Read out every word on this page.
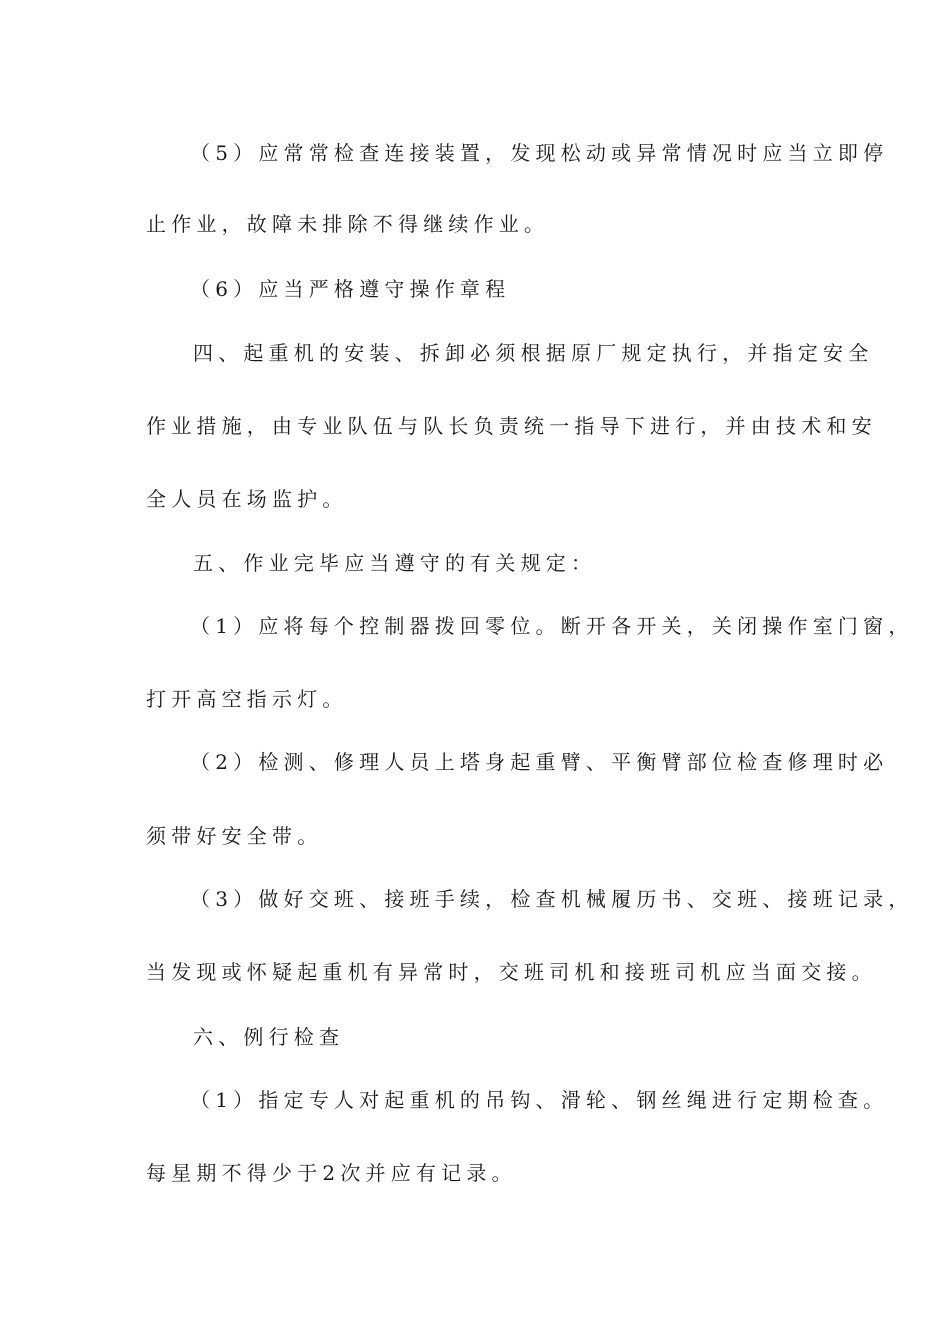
（5）应常常检查连接装置，发现松动或异常情况时应当立即停
止作业，故障未排除不得继续作业。
（6）应当严格遵守操作章程
四、起重机的安装、拆卸必须根据原厂规定执行，并指定安全
作业措施，由专业队伍与队长负责统一指导下进行，并由技术和安
全人员在场监护。
五、作业完毕应当遵守的有关规定：
（1）应将每个控制器拨回零位。断开各开关，关闭操作室门窗，
打开高空指示灯。
（2）检测、修理人员上塔身起重臂、平衡臂部位检查修理时必
须带好安全带。
（3）做好交班、接班手续，检查机械履历书、交班、接班记录，
当发现或怀疑起重机有异常时，交班司机和接班司机应当面交接。
六、例行检查
（1）指定专人对起重机的吊钩、滑轮、钢丝绳进行定期检查。
每星期不得少于2次并应有记录。
